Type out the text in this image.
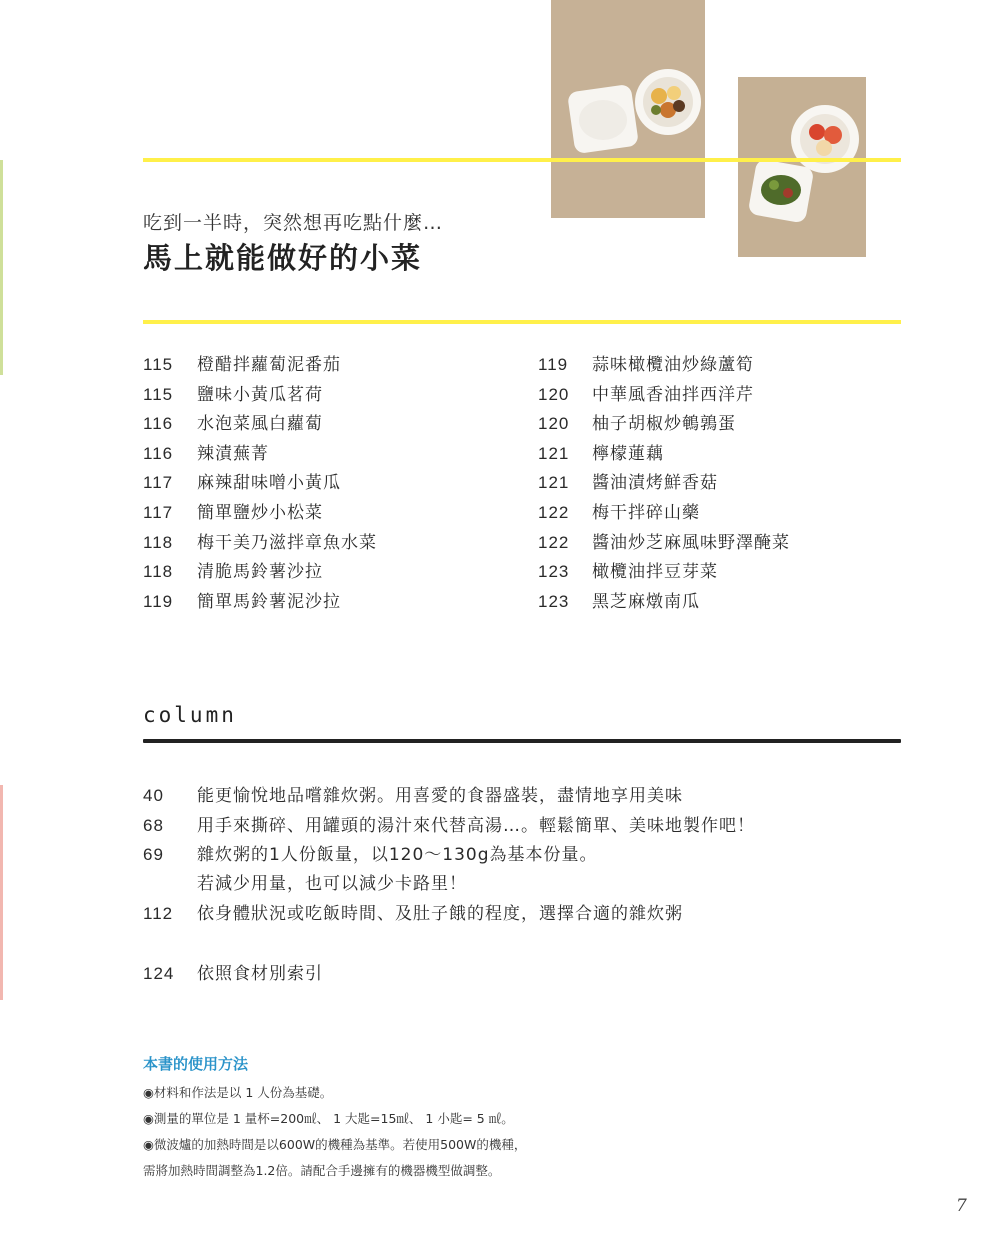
吃到一半時，突然想再吃點什麼…
馬上就能做好的小菜
115 橙醋拌蘿蔔泥番茄
115 鹽味小黃瓜茗荷
116 水泡菜風白蘿蔔
116 辣漬蕪菁
117 麻辣甜味噌小黃瓜
117 簡單鹽炒小松菜
118 梅干美乃滋拌章魚水菜
118 清脆馬鈴薯沙拉
119 簡單馬鈴薯泥沙拉
119 蒜味橄欖油炒綠蘆筍
120 中華風香油拌西洋芹
120 柚子胡椒炒鵪鶉蛋
121 檸檬蓮藕
121 醬油漬烤鮮香菇
122 梅干拌碎山藥
122 醬油炒芝麻風味野澤醃菜
123 橄欖油拌豆芽菜
123 黑芝麻燉南瓜
column
40 能更愉悅地品嚐雜炊粥。用喜愛的食器盛裝，盡情地享用美味
68 用手來撕碎、用罐頭的湯汁來代替高湯…。輕鬆簡單、美味地製作吧！
69 雜炊粥的1人份飯量，以120～130g為基本份量。
若減少用量，也可以減少卡路里！
112 依身體狀況或吃飯時間、及肚子餓的程度，選擇合適的雜炊粥
124 依照食材別索引
本書的使用方法

◉材料和作法是以 1 人份為基礎。

◉測量的單位是 1 量杯=200㎖、 1 大匙=15㎖、 1 小匙= 5 ㎖。

◉微波爐的加熱時間是以600W的機種為基準。若使用500W的機種，

需將加熱時間調整為1.2倍。請配合手邊擁有的機器機型做調整。

7
